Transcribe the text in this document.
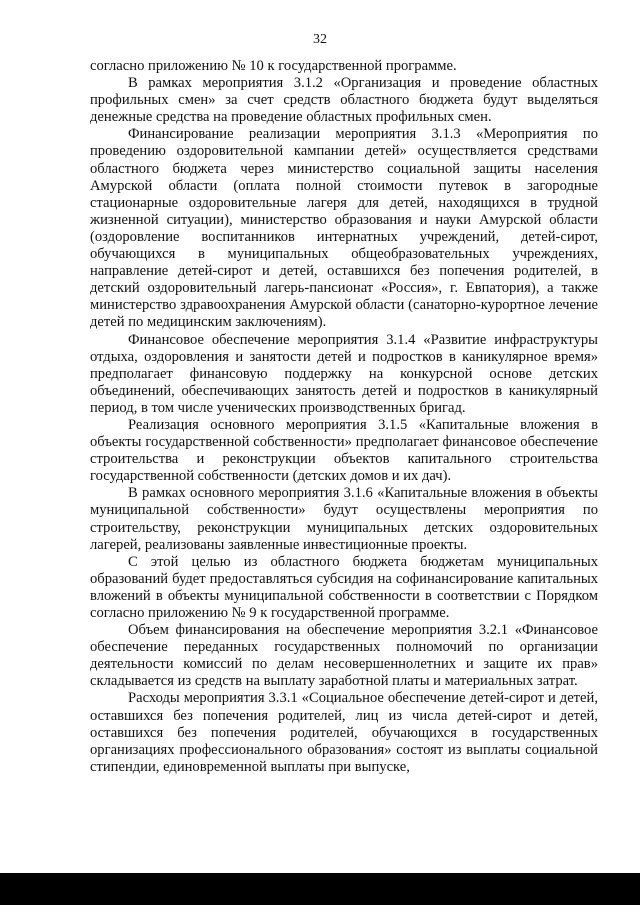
32

согласно приложению № 10 к государственной программе.

В рамках мероприятия 3.1.2 «Организация и проведение областных профильных смен» за счет средств областного бюджета будут выделяться денежные средства на проведение областных профильных смен.

Финансирование реализации мероприятия 3.1.3 «Мероприятия по проведению оздоровительной кампании детей» осуществляется средствами областного бюджета через министерство социальной защиты населения Амурской области (оплата полной стоимости путевок в загородные стационарные оздоровительные лагеря для детей, находящихся в трудной жизненной ситуации), министерство образования и науки Амурской области (оздоровление воспитанников интернатных учреждений, детей-сирот, обучающихся в муниципальных общеобразовательных учреждениях, направление детей-сирот и детей, оставшихся без попечения родителей, в детский оздоровительный лагерь-пансионат «Россия», г. Евпатория), а также министерство здравоохранения Амурской области (санаторно-курортное лечение детей по медицинским заключениям).

Финансовое обеспечение мероприятия 3.1.4 «Развитие инфраструктуры отдыха, оздоровления и занятости детей и подростков в каникулярное время» предполагает финансовую поддержку на конкурсной основе детских объединений, обеспечивающих занятость детей и подростков в каникулярный период, в том числе ученических производственных бригад.

Реализация основного мероприятия 3.1.5 «Капитальные вложения в объекты государственной собственности» предполагает финансовое обеспечение строительства и реконструкции объектов капитального строительства государственной собственности (детских домов и их дач).

В рамках основного мероприятия 3.1.6 «Капитальные вложения в объекты муниципальной собственности» будут осуществлены мероприятия по строительству, реконструкции муниципальных детских оздоровительных лагерей, реализованы заявленные инвестиционные проекты.

С этой целью из областного бюджета бюджетам муниципальных образований будет предоставляться субсидия на софинансирование капитальных вложений в объекты муниципальной собственности в соответствии с Порядком согласно приложению № 9 к государственной программе.

Объем финансирования на обеспечение мероприятия 3.2.1 «Финансовое обеспечение переданных государственных полномочий по организации деятельности комиссий по делам несовершеннолетних и защите их прав» складывается из средств на выплату заработной платы и материальных затрат.

Расходы мероприятия 3.3.1 «Социальное обеспечение детей-сирот и детей, оставшихся без попечения родителей, лиц из числа детей-сирот и детей, оставшихся без попечения родителей, обучающихся в государственных организациях профессионального образования» состоят из выплаты социальной стипендии, единовременной выплаты при выпуске,
